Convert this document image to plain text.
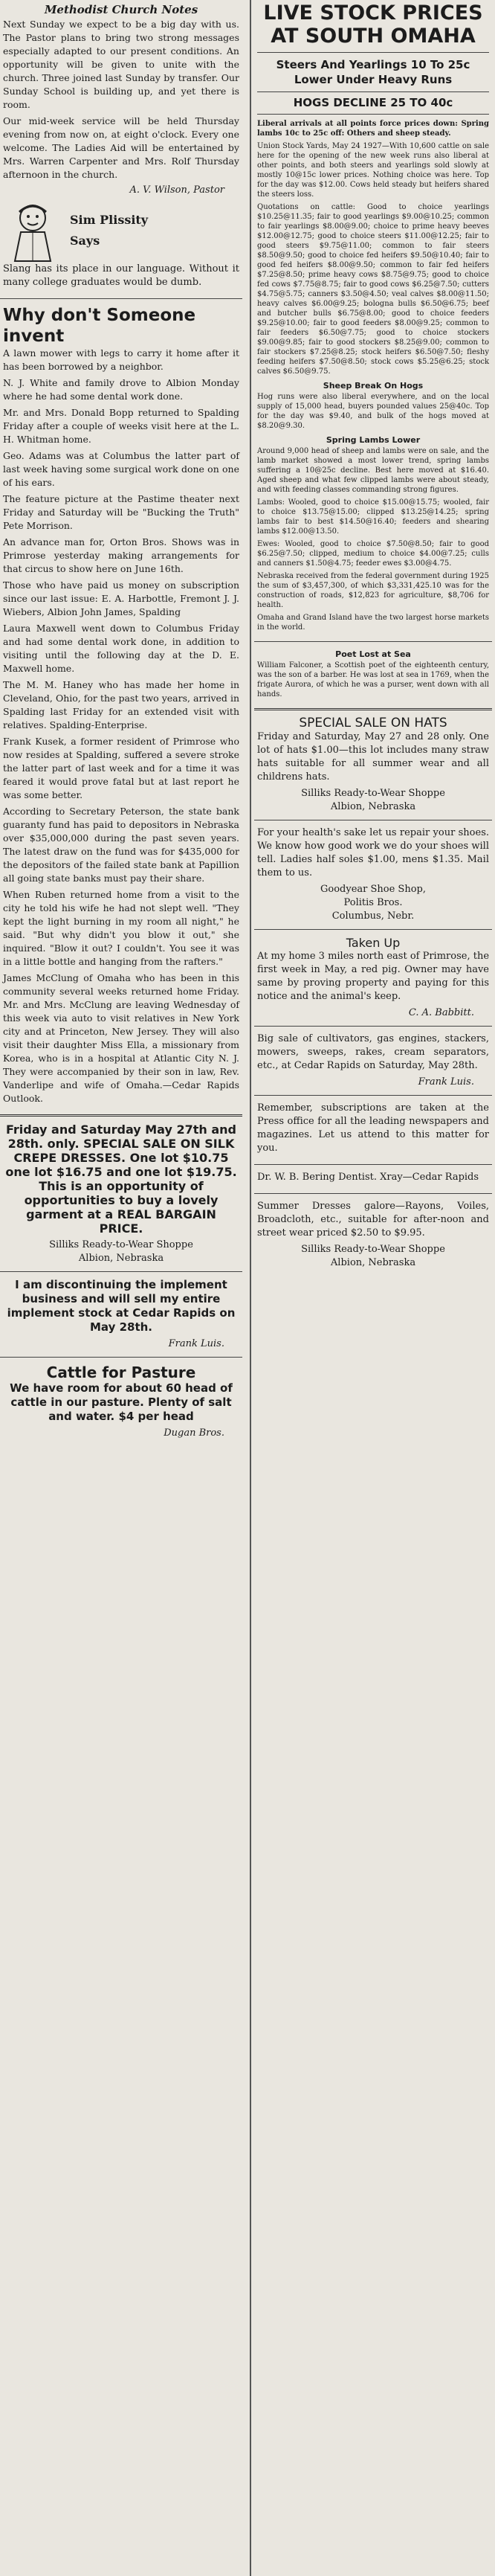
Methodist Church Notes

Next Sunday we expect to be a big day with us. The Pastor plans to bring two strong messages especially adapted to our present conditions. An opportunity will be given to unite with the church. Three joined last Sunday by transfer. Our Sunday School is building up, and yet there is room.

Our mid-week service will be held Thursday evening from now on, at eight o'clock. Every one welcome. The Ladies Aid will be entertained by Mrs. Warren Carpenter and Mrs. Rolf Thursday afternoon in the church.

A. V. Wilson, Pastor
Sim Plissity
Says

Slang has its place in our language. Without it many college graduates would be dumb.

Why don't Someone invent

A lawn mower with legs to carry it home after it has been borrowed by a neighbor.

N. J. White and family drove to Albion Monday where he had some dental work done.

Mr. and Mrs. Donald Bopp returned to Spalding Friday after a couple of weeks visit here at the L. H. Whitman home.

Geo. Adams was at Columbus the latter part of last week having some surgical work done on one of his ears.

The feature picture at the Pastime theater next Friday and Saturday will be "Bucking the Truth" Pete Morrison.

An advance man for, Orton Bros. Shows was in Primrose yesterday making arrangements for that circus to show here on June 16th.

Those who have paid us money on subscription since our last issue: E. A. Harbottle, Fremont J. J. Wiebers, Albion John James, Spalding

Laura Maxwell went down to Columbus Friday and had some dental work done, in addition to visiting until the following day at the D. E. Maxwell home.

The M. M. Haney who has made her home in Cleveland, Ohio, for the past two years, arrived in Spalding last Friday for an extended visit with relatives. Spalding-Enterprise.

Frank Kusek, a former resident of Primrose who now resides at Spalding, suffered a severe stroke the latter part of last week and for a time it was feared it would prove fatal but at last report he was some better.

According to Secretary Peterson, the state bank guaranty fund has paid to depositors in Nebraska over $35,000,000 during the past seven years. The latest draw on the fund was for $435,000 for the depositors of the failed state bank at Papillion all going state banks must pay their share.

When Ruben returned home from a visit to the city he told his wife he had not slept well. "They kept the light burning in my room all night," he said. "But why didn't you blow it out," she inquired. "Blow it out? I couldn't. You see it was in a little bottle and hanging from the rafters."

James McClung of Omaha who has been in this community several weeks returned home Friday. Mr. and Mrs. McClung are leaving Wednesday of this week via auto to visit relatives in New York city and at Princeton, New Jersey. They will also visit their daughter Miss Ella, a missionary from Korea, who is in a hospital at Atlantic City N. J. They were accompanied by their son in law, Rev. Vanderlipe and wife of Omaha.—Cedar Rapids Outlook.

Friday and Saturday May 27th and 28th. only. SPECIAL SALE ON SILK CREPE DRESSES. One lot $10.75 one lot $16.75 and one lot $19.75. This is an opportunity of opportunities to buy a lovely garment at a REAL BARGAIN PRICE.

Silliks Ready-to-Wear Shoppe
Albion, Nebraska

I am discontinuing the implement business and will sell my entire implement stock at Cedar Rapids on May 28th.

Frank Luis.
Cattle for Pasture

We have room for about 60 head of cattle in our pasture. Plenty of salt and water. $4 per head

Dugan Bros.
LIVE STOCK PRICES
AT SOUTH OMAHA
Steers And Yearlings 10 To 25c Lower Under Heavy Runs
HOGS DECLINE 25 TO 40c

Liberal arrivals at all points force prices down: Spring lambs 10c to 25c off: Others and sheep steady.

Union Stock Yards, May 24 1927—With 10,600 cattle on sale here for the opening of the new week runs also liberal at other points, and both steers and yearlings sold slowly at mostly 10@15c lower prices. Nothing choice was here. Top for the day was $12.00. Cows held steady but heifers shared the steers loss.

Quotations on cattle: Good to choice yearlings $10.25@11.35; fair to good yearlings $9.00@10.25; common to fair yearlings $8.00@9.00; choice to prime heavy beeves $12.00@12.75; good to choice steers $11.00@12.25; fair to good steers $9.75@11.00; common to fair steers $8.50@9.50; good to choice fed heifers $9.50@10.40; fair to good fed heifers $8.00@9.50; common to fair fed heifers $7.25@8.50; prime heavy cows $8.75@9.75; good to choice fed cows $7.75@8.75; fair to good cows $6.25@7.50; cutters $4.75@5.75; canners $3.50@4.50; veal calves $8.00@11.50; heavy calves $6.00@9.25; bologna bulls $6.50@6.75; beef and butcher bulls $6.75@8.00; good to choice feeders $9.25@10.00; fair to good feeders $8.00@9.25; common to fair feeders $6.50@7.75; good to choice stockers $9.00@9.85; fair to good stockers $8.25@9.00; common to fair stockers $7.25@8.25; stock heifers $6.50@7.50; fleshy feeding heifers $7.50@8.50; stock cows $5.25@6.25; stock calves $6.50@9.75.

Sheep Break On Hogs

Hog runs were also liberal everywhere, and on the local supply of 15,000 head, buyers pounded values 25@40c. Top for the day was $9.40, and bulk of the hogs moved at $8.20@9.30.

Spring Lambs Lower

Around 9,000 head of sheep and lambs were on sale, and the lamb market showed a most lower trend, spring lambs suffering a 10@25c decline. Best here moved at $16.40. Aged sheep and what few clipped lambs were about steady, and with feeding classes commanding strong figures.

Lambs: Wooled, good to choice $15.00@15.75; wooled, fair to choice $13.75@15.00; clipped $13.25@14.25; spring lambs fair to best $14.50@16.40; feeders and shearing lambs $12.00@13.50.

Ewes: Wooled, good to choice $7.50@8.50; fair to good $6.25@7.50; clipped, medium to choice $4.00@7.25; culls and canners $1.50@4.75; feeder ewes $3.00@4.75.

Nebraska received from the federal government during 1925 the sum of $3,457,300, of which $3,331,425.10 was for the construction of roads, $12,823 for agriculture, $8,706 for health.

Omaha and Grand Island have the two largest horse markets in the world.

Poet Lost at Sea

William Falconer, a Scottish poet of the eighteenth century, was the son of a barber. He was lost at sea in 1769, when the frigate Aurora, of which he was a purser, went down with all hands.

SPECIAL SALE ON HATS

Friday and Saturday, May 27 and 28 only. One lot of hats $1.00—this lot includes many straw hats suitable for all summer wear and all childrens hats.

Silliks Ready-to-Wear Shoppe
Albion, Nebraska

For your health's sake let us repair your shoes. We know how good work we do your shoes will tell. Ladies half soles $1.00, mens $1.35. Mail them to us.

Goodyear Shoe Shop,
Politis Bros.
Columbus, Nebr.
Taken Up

At my home 3 miles north east of Primrose, the first week in May, a red pig. Owner may have same by proving property and paying for this notice and the animal's keep.

C. A. Babbitt.

Big sale of cultivators, gas engines, stackers, mowers, sweeps, rakes, cream separators, etc., at Cedar Rapids on Saturday, May 28th.

Frank Luis.

Remember, subscriptions are taken at the Press office for all the leading newspapers and magazines. Let us attend to this matter for you.

Dr. W. B. Bering Dentist. Xray—Cedar Rapids

Summer Dresses galore—Rayons, Voiles, Broadcloth, etc., suitable for after-noon and street wear priced $2.50 to $9.95.

Silliks Ready-to-Wear Shoppe
Albion, Nebraska
